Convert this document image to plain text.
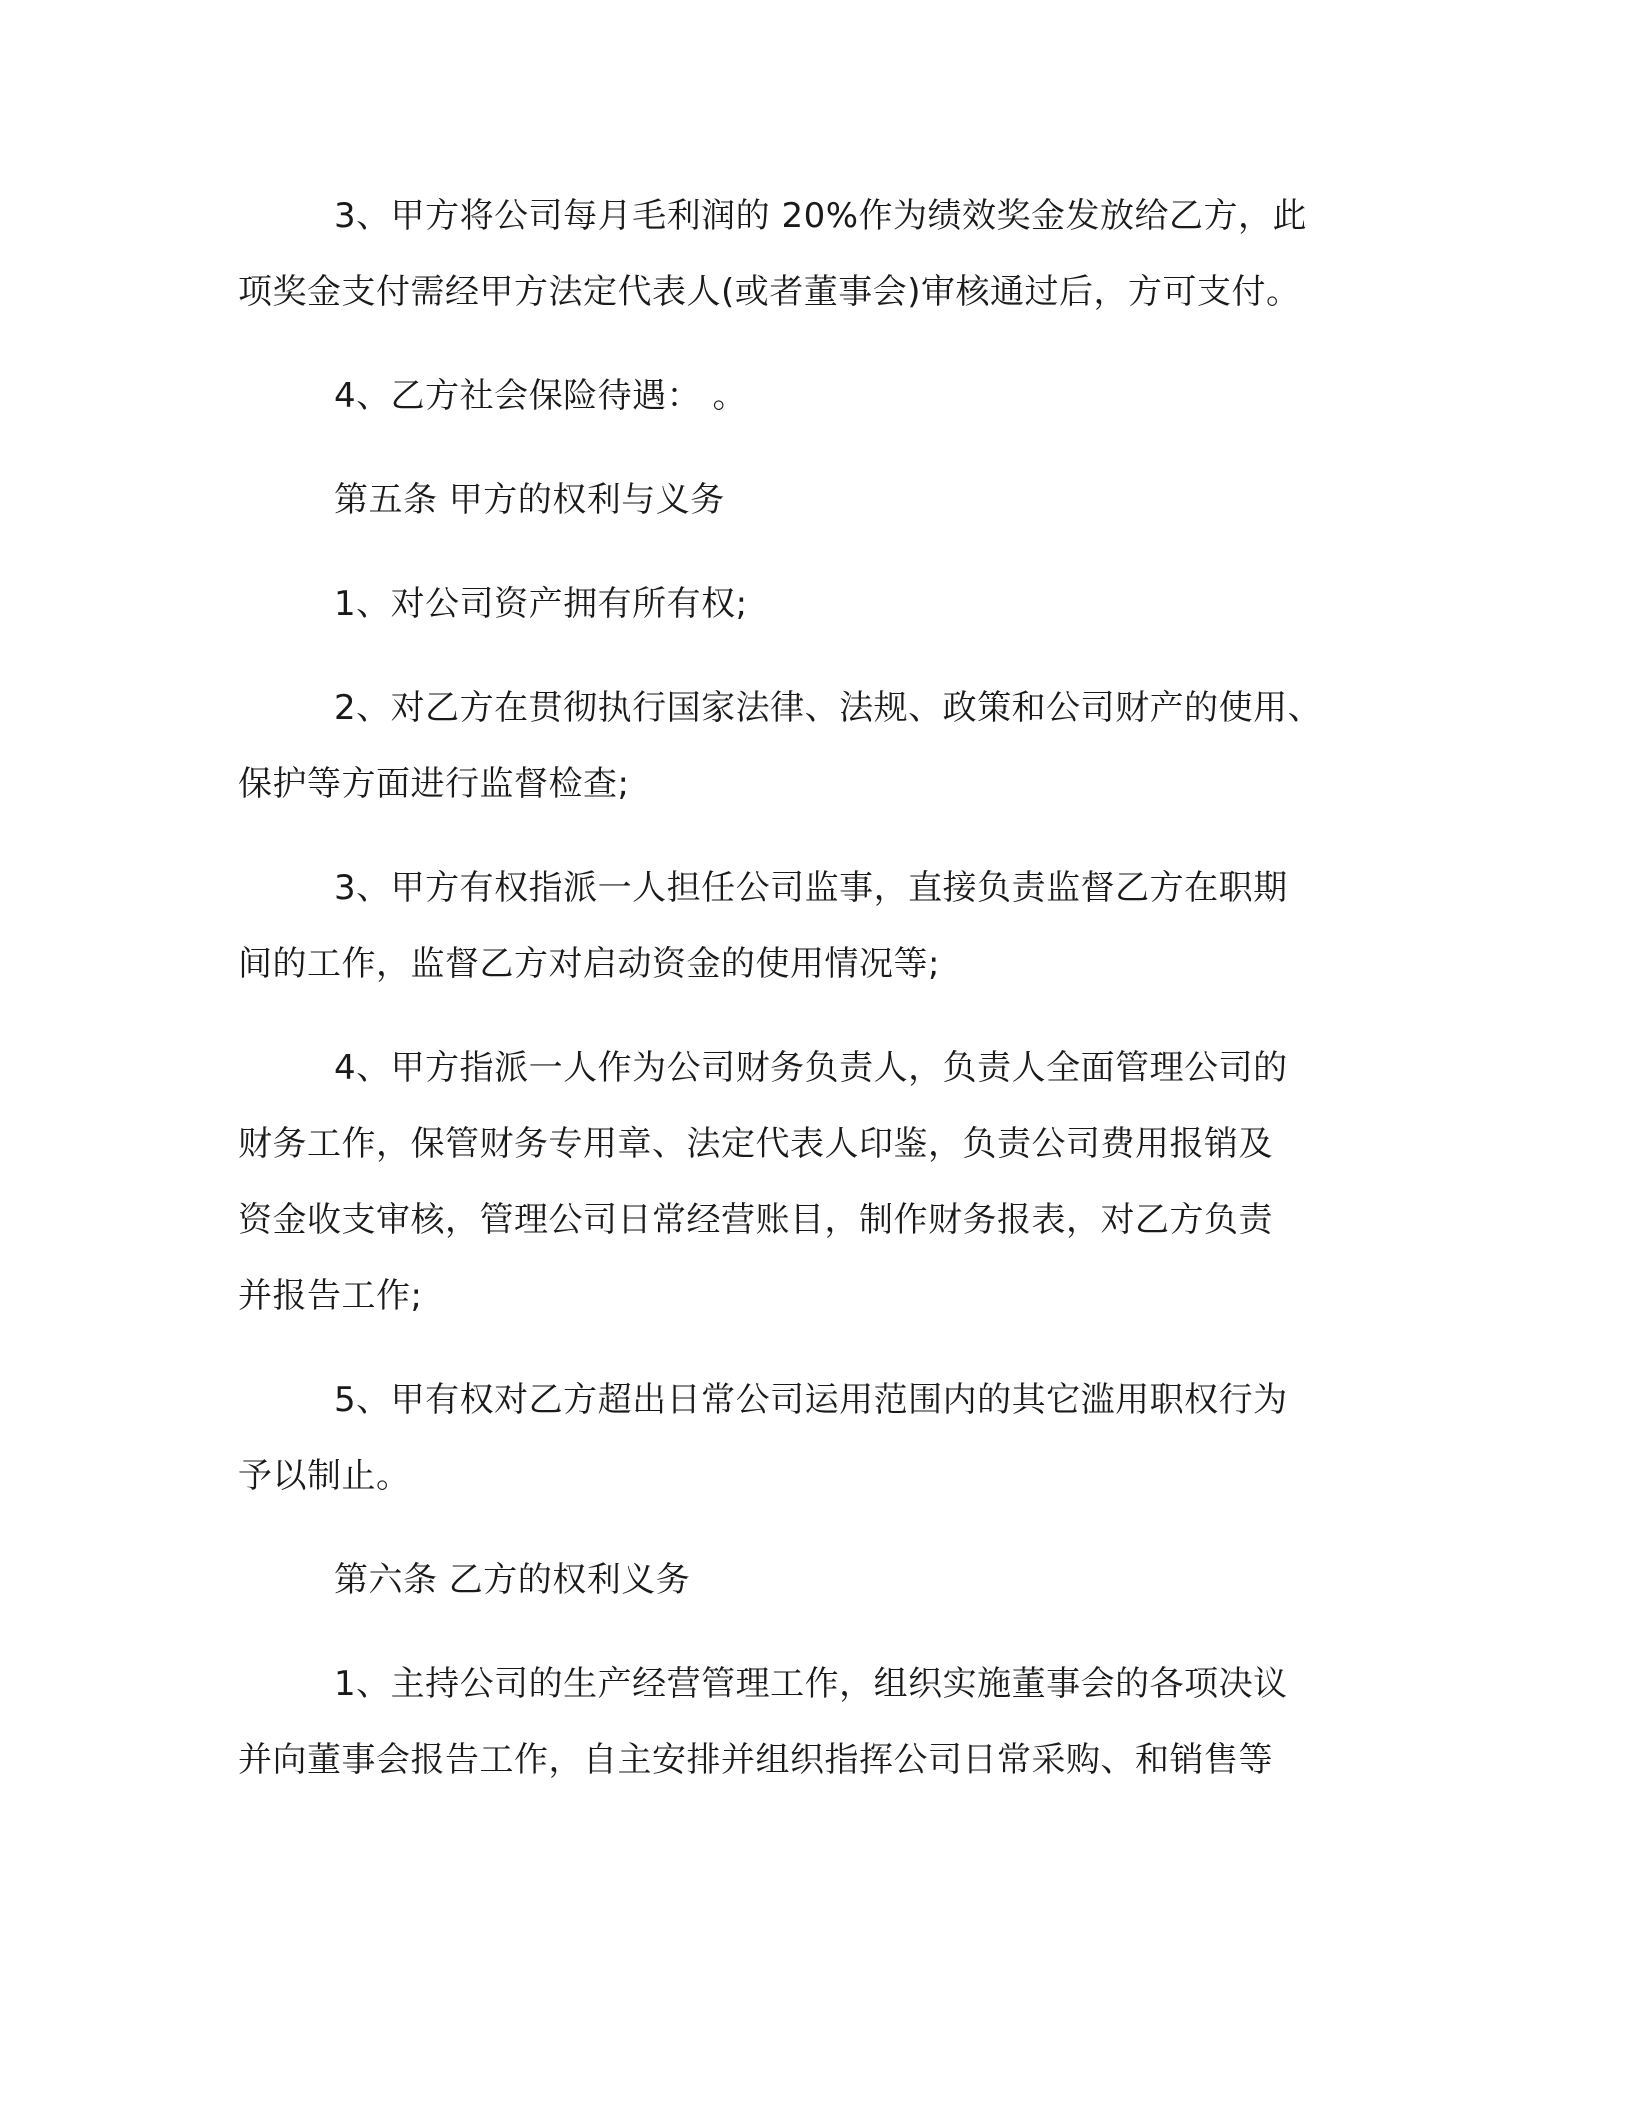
3、甲方将公司每月毛利润的 20%作为绩效奖金发放给乙方，此
项奖金支付需经甲方法定代表人(或者董事会)审核通过后，方可支付。

4、乙方社会保险待遇： 。

第五条 甲方的权利与义务

1、对公司资产拥有所有权;

2、对乙方在贯彻执行国家法律、法规、政策和公司财产的使用、
保护等方面进行监督检查;

3、甲方有权指派一人担任公司监事，直接负责监督乙方在职期
间的工作，监督乙方对启动资金的使用情况等;

4、甲方指派一人作为公司财务负责人，负责人全面管理公司的
财务工作，保管财务专用章、法定代表人印鉴，负责公司费用报销及
资金收支审核，管理公司日常经营账目，制作财务报表，对乙方负责
并报告工作;

5、甲有权对乙方超出日常公司运用范围内的其它滥用职权行为
予以制止。

第六条 乙方的权利义务

1、主持公司的生产经营管理工作，组织实施董事会的各项决议
并向董事会报告工作，自主安排并组织指挥公司日常采购、和销售等
